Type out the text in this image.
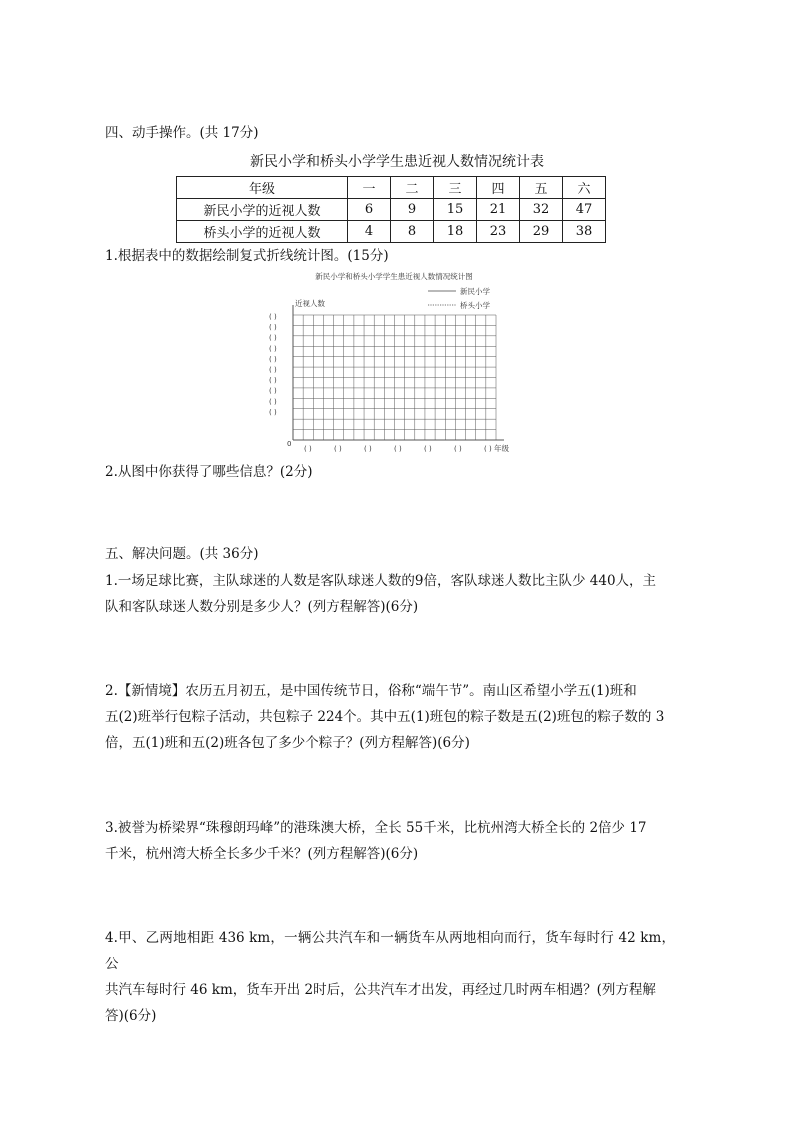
四、动手操作。(共 17分)
新民小学和桥头小学学生患近视人数情况统计表
年级	一	二	三	四	五	六
新民小学的近视人数	6	9	15	21	32	47
桥头小学的近视人数	4	8	18	23	29	38
1.根据表中的数据绘制复式折线统计图。(15分)
新民小学和桥头小学学生患近视人数情况统计图
近视人数
新民小学
桥头小学
0	年级
( )
( )
( )
( )
( )
( )
( )
( )
( )
( )
( )	( )	( )	( )	( )	( )	( )
2.从图中你获得了哪些信息？(2分)
五、解决问题。(共 36分)
1.一场足球比赛，主队球迷的人数是客队球迷人数的9倍，客队球迷人数比主队少 440人，主
队和客队球迷人数分别是多少人？(列方程解答)(6分)
2.【新情境】农历五月初五，是中国传统节日，俗称“端午节”。南山区希望小学五(1)班和
五(2)班举行包粽子活动，共包粽子 224个。其中五(1)班包的粽子数是五(2)班包的粽子数的 3
倍，五(1)班和五(2)班各包了多少个粽子？(列方程解答)(6分)
3.被誉为桥梁界“珠穆朗玛峰”的港珠澳大桥，全长 55千米，比杭州湾大桥全长的 2倍少 17
千米，杭州湾大桥全长多少千米？(列方程解答)(6分)
4.甲、乙两地相距 436 km，一辆公共汽车和一辆货车从两地相向而行，货车每时行 42 km，公
共汽车每时行 46 km，货车开出 2时后，公共汽车才出发，再经过几时两车相遇？(列方程解
答)(6分)
